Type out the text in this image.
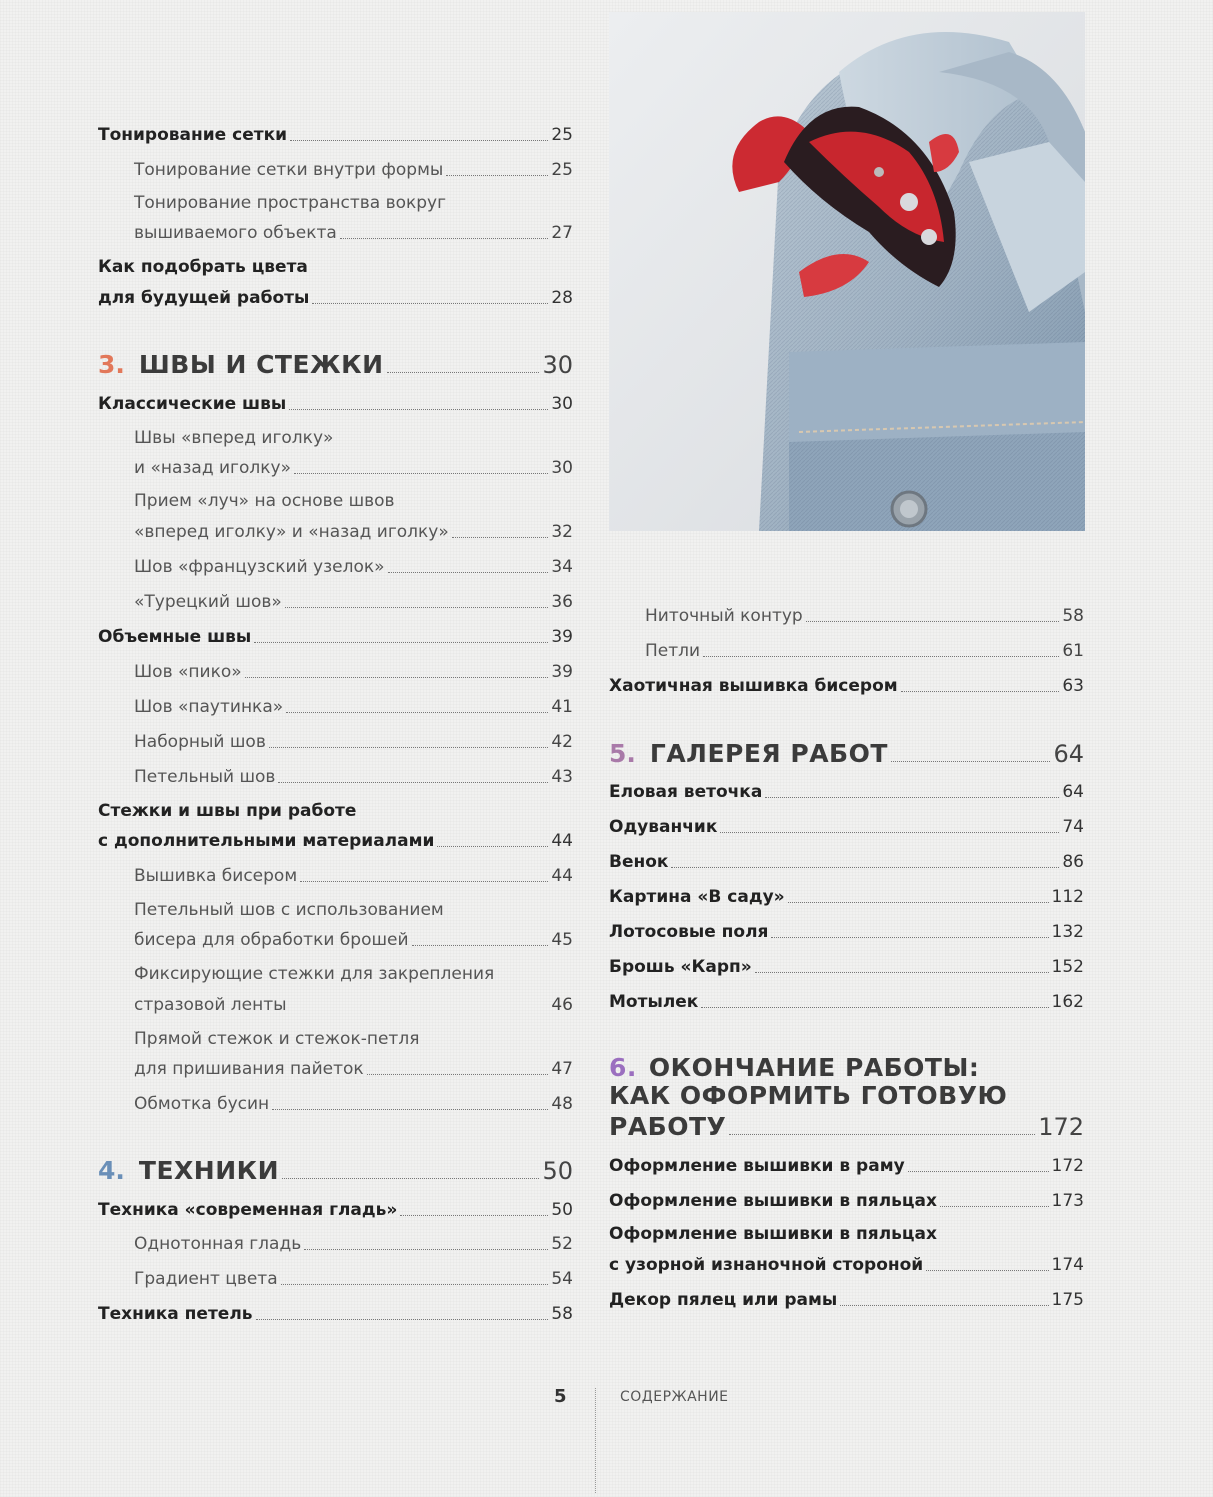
Тонирование сетки	25
Тонирование сетки внутри формы	25
Тонирование пространства вокруг
вышиваемого объекта	27
Как подобрать цвета
для будущей работы	28
3. ШВЫ И СТЕЖКИ	30
Классические швы	30
Швы «вперед иголку»
и «назад иголку»	30
Прием «луч» на основе швов
«вперед иголку» и «назад иголку»	32
Шов «французский узелок»	34
«Турецкий шов»	36
Объемные швы	39
Шов «пико»	39
Шов «паутинка»	41
Наборный шов	42
Петельный шов	43
Стежки и швы при работе
с дополнительными материалами	44
Вышивка бисером	44
Петельный шов с использованием
бисера для обработки брошей	45
Фиксирующие стежки для закрепления
стразовой ленты	46
Прямой стежок и стежок-петля
для пришивания пайеток	47
Обмотка бусин	48
4. ТЕХНИКИ	50
Техника «современная гладь»	50
Однотонная гладь	52
Градиент цвета	54
Техника петель	58
Ниточный контур	58
Петли	61
Хаотичная вышивка бисером	63
5. ГАЛЕРЕЯ РАБОТ	64
Еловая веточка	64
Одуванчик	74
Венок	86
Картина «В саду»	112
Лотосовые поля	132
Брошь «Карп»	152
Мотылек	162
6. ОКОНЧАНИЕ РАБОТЫ:
КАК ОФОРМИТЬ ГОТОВУЮ
РАБОТУ	172
Оформление вышивки в раму	172
Оформление вышивки в пяльцах	173
Оформление вышивки в пяльцах
с узорной изнаночной стороной	174
Декор пялец или рамы	175
5	СОДЕРЖАНИЕ
